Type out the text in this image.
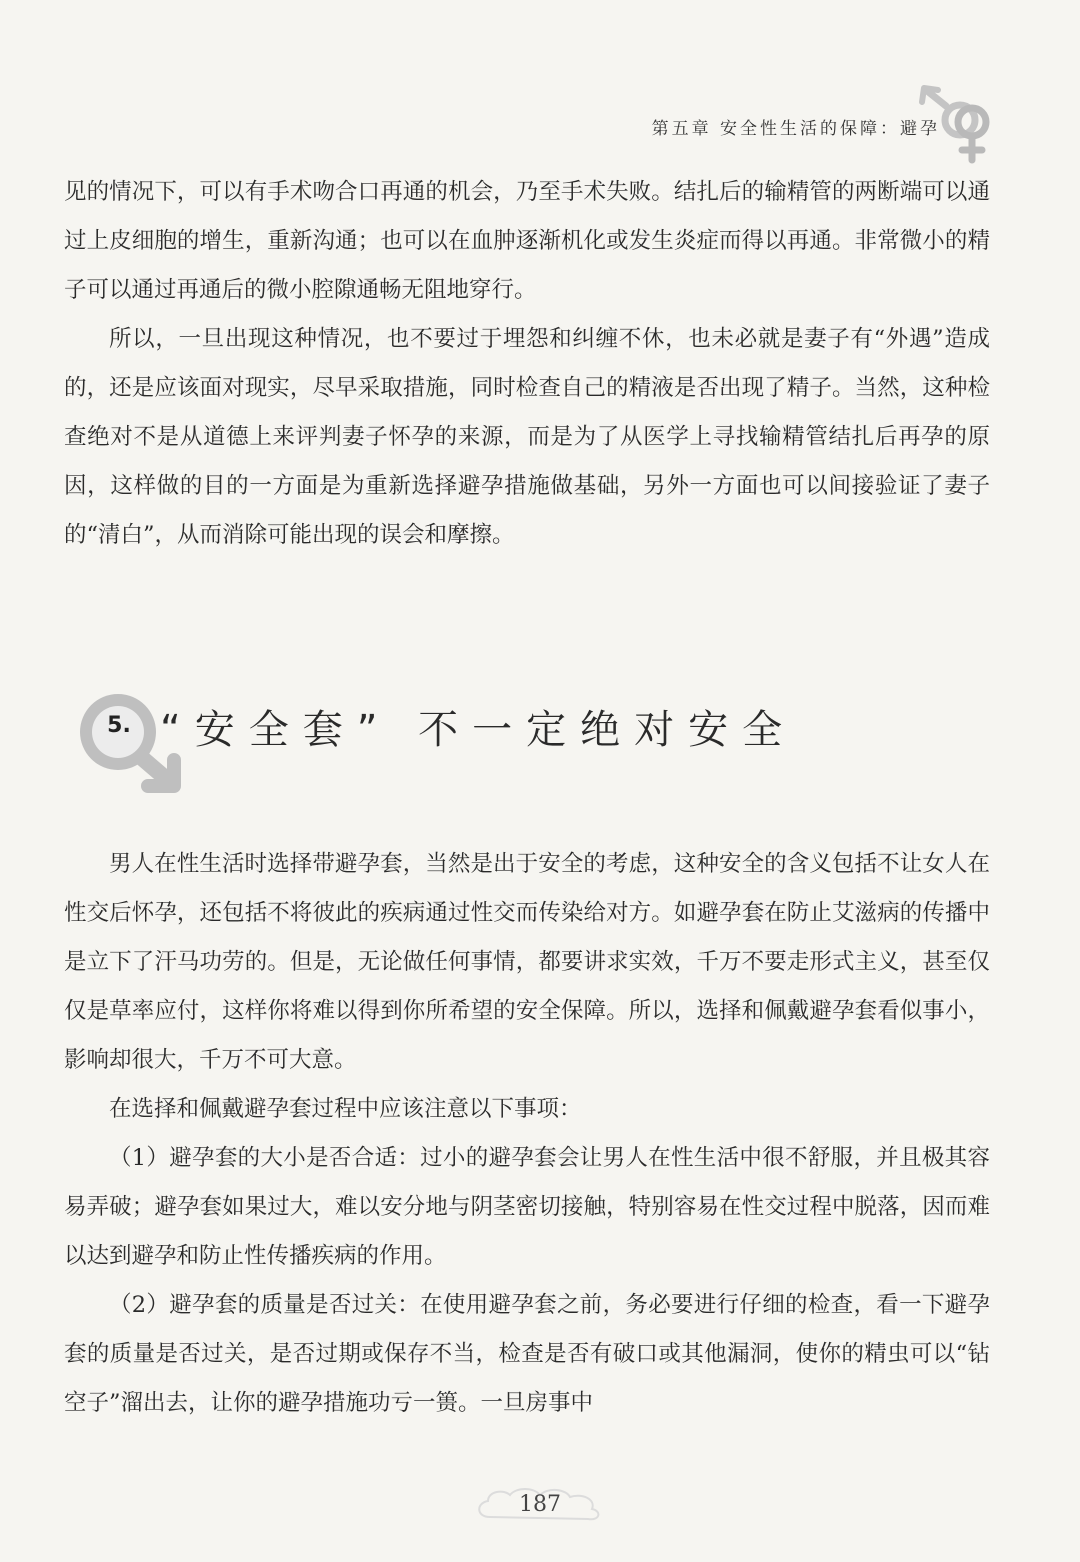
第五章 安全性生活的保障：避孕

见的情况下，可以有手术吻合口再通的机会，乃至手术失败。结扎后的输精管的两断端可以通过上皮细胞的增生，重新沟通；也可以在血肿逐渐机化或发生炎症而得以再通。非常微小的精子可以通过再通后的微小腔隙通畅无阻地穿行。

所以，一旦出现这种情况，也不要过于埋怨和纠缠不休，也未必就是妻子有“外遇”造成的，还是应该面对现实，尽早采取措施，同时检查自己的精液是否出现了精子。当然，这种检查绝对不是从道德上来评判妻子怀孕的来源，而是为了从医学上寻找输精管结扎后再孕的原因，这样做的目的一方面是为重新选择避孕措施做基础，另外一方面也可以间接验证了妻子的“清白”，从而消除可能出现的误会和摩擦。

5. “安全套” 不一定绝对安全

男人在性生活时选择带避孕套，当然是出于安全的考虑，这种安全的含义包括不让女人在性交后怀孕，还包括不将彼此的疾病通过性交而传染给对方。如避孕套在防止艾滋病的传播中是立下了汗马功劳的。但是，无论做任何事情，都要讲求实效，千万不要走形式主义，甚至仅仅是草率应付，这样你将难以得到你所希望的安全保障。所以，选择和佩戴避孕套看似事小，影响却很大，千万不可大意。

在选择和佩戴避孕套过程中应该注意以下事项：

（1）避孕套的大小是否合适：过小的避孕套会让男人在性生活中很不舒服，并且极其容易弄破；避孕套如果过大，难以安分地与阴茎密切接触，特别容易在性交过程中脱落，因而难以达到避孕和防止性传播疾病的作用。

（2）避孕套的质量是否过关：在使用避孕套之前，务必要进行仔细的检查，看一下避孕套的质量是否过关，是否过期或保存不当，检查是否有破口或其他漏洞，使你的精虫可以“钻空子”溜出去，让你的避孕措施功亏一篑。一旦房事中

187
